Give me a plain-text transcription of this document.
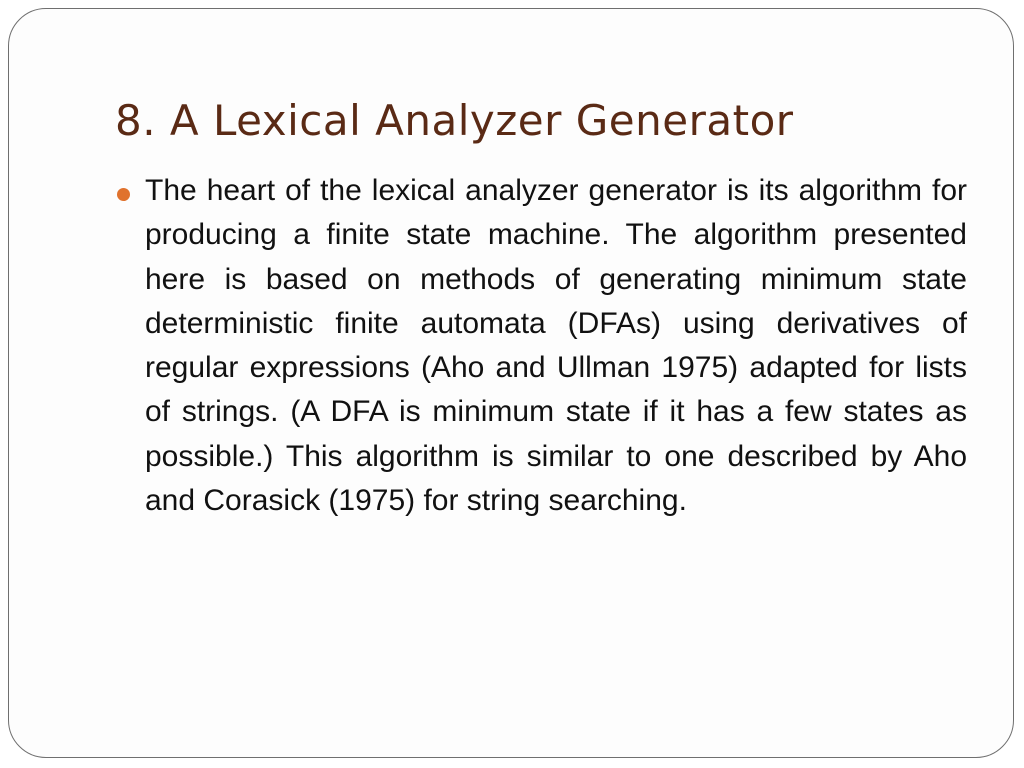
8. A Lexical Analyzer Generator

The heart of the lexical analyzer generator is its algorithm for producing a finite state machine. The algorithm presented here is based on methods of generating minimum state deterministic finite automata (DFAs) using derivatives of regular expressions (Aho and Ullman 1975) adapted for lists of strings. (A DFA is minimum state if it has a few states as possible.) This algorithm is similar to one described by Aho and Corasick (1975) for string searching.
